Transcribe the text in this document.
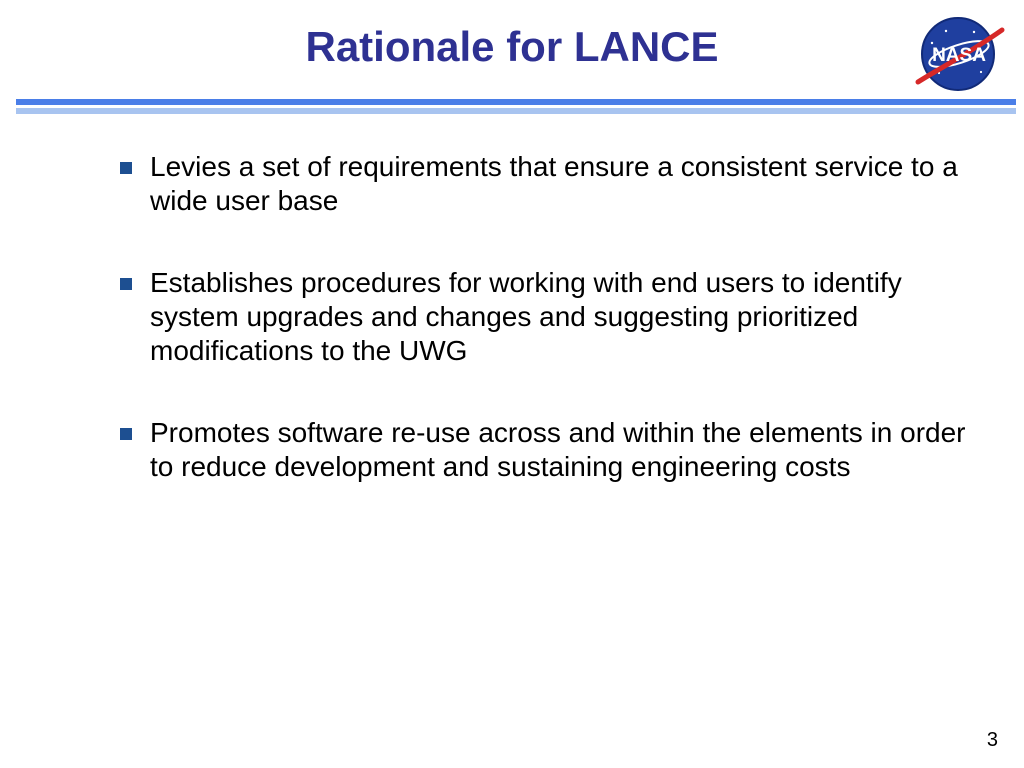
Rationale for LANCE	NASA
Levies a set of requirements that ensure a consistent service to a wide user base
Establishes procedures for working with end users to identify system upgrades and changes and suggesting prioritized modifications to the UWG
Promotes software re-use across and within the elements in order to reduce development and sustaining engineering costs
3
